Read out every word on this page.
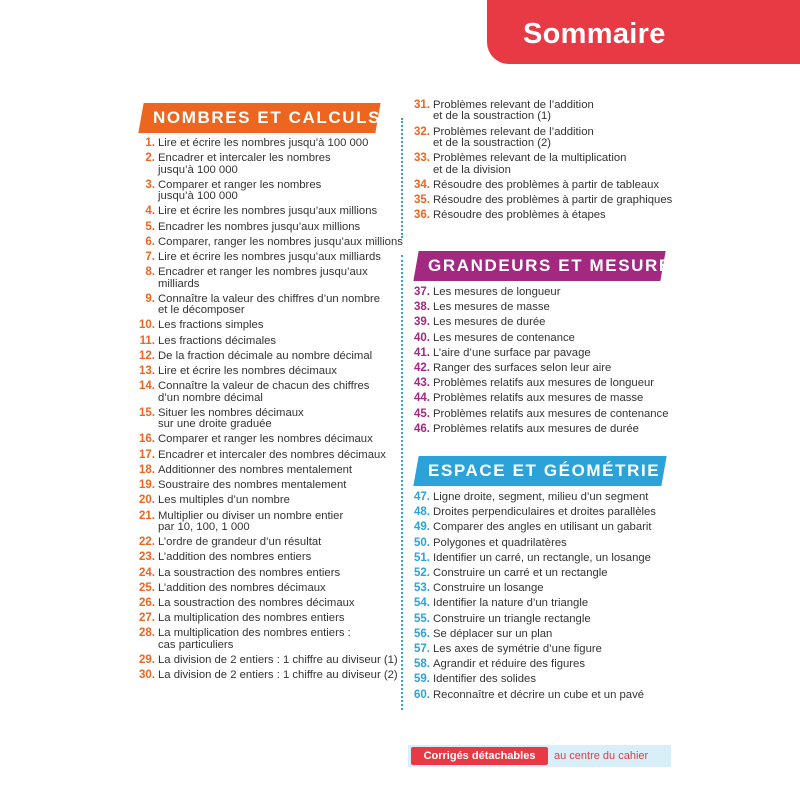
Sommaire
NOMBRES ET CALCULS
GRANDEURS ET MESURES
ESPACE ET GÉOMÉTRIE
1. Lire et écrire les nombres jusqu’à 100 000
2. Encadrer et intercaler les nombres
jusqu’à 100 000
3. Comparer et ranger les nombres
jusqu’à 100 000
4. Lire et écrire les nombres jusqu’aux millions
5. Encadrer les nombres jusqu’aux millions
6. Comparer, ranger les nombres jusqu’aux millions
7. Lire et écrire les nombres jusqu’aux milliards
8. Encadrer et ranger les nombres jusqu’aux
milliards
9. Connaître la valeur des chiffres d’un nombre
et le décomposer
10. Les fractions simples
11. Les fractions décimales
12. De la fraction décimale au nombre décimal
13. Lire et écrire les nombres décimaux
14. Connaître la valeur de chacun des chiffres
d’un nombre décimal
15. Situer les nombres décimaux
sur une droite graduée
16. Comparer et ranger les nombres décimaux
17. Encadrer et intercaler des nombres décimaux
18. Additionner des nombres mentalement
19. Soustraire des nombres mentalement
20. Les multiples d’un nombre
21. Multiplier ou diviser un nombre entier
par 10, 100, 1 000
22. L’ordre de grandeur d’un résultat
23. L’addition des nombres entiers
24. La soustraction des nombres entiers
25. L’addition des nombres décimaux
26. La soustraction des nombres décimaux
27. La multiplication des nombres entiers
28. La multiplication des nombres entiers :
cas particuliers
29. La division de 2 entiers : 1 chiffre au diviseur (1)
30. La division de 2 entiers : 1 chiffre au diviseur (2)
31. Problèmes relevant de l’addition
et de la soustraction (1)
32. Problèmes relevant de l’addition
et de la soustraction (2)
33. Problèmes relevant de la multiplication
et de la division
34. Résoudre des problèmes à partir de tableaux
35. Résoudre des problèmes à partir de graphiques
36. Résoudre des problèmes à étapes
37. Les mesures de longueur
38. Les mesures de masse
39. Les mesures de durée
40. Les mesures de contenance
41. L’aire d’une surface par pavage
42. Ranger des surfaces selon leur aire
43. Problèmes relatifs aux mesures de longueur
44. Problèmes relatifs aux mesures de masse
45. Problèmes relatifs aux mesures de contenance
46. Problèmes relatifs aux mesures de durée
47. Ligne droite, segment, milieu d’un segment
48. Droites perpendiculaires et droites parallèles
49. Comparer des angles en utilisant un gabarit
50. Polygones et quadrilatères
51. Identifier un carré, un rectangle, un losange
52. Construire un carré et un rectangle
53. Construire un losange
54. Identifier la nature d’un triangle
55. Construire un triangle rectangle
56. Se déplacer sur un plan
57. Les axes de symétrie d’une figure
58. Agrandir et réduire des figures
59. Identifier des solides
60. Reconnaître et décrire un cube et un pavé
Corrigés détachables	au centre du cahier
